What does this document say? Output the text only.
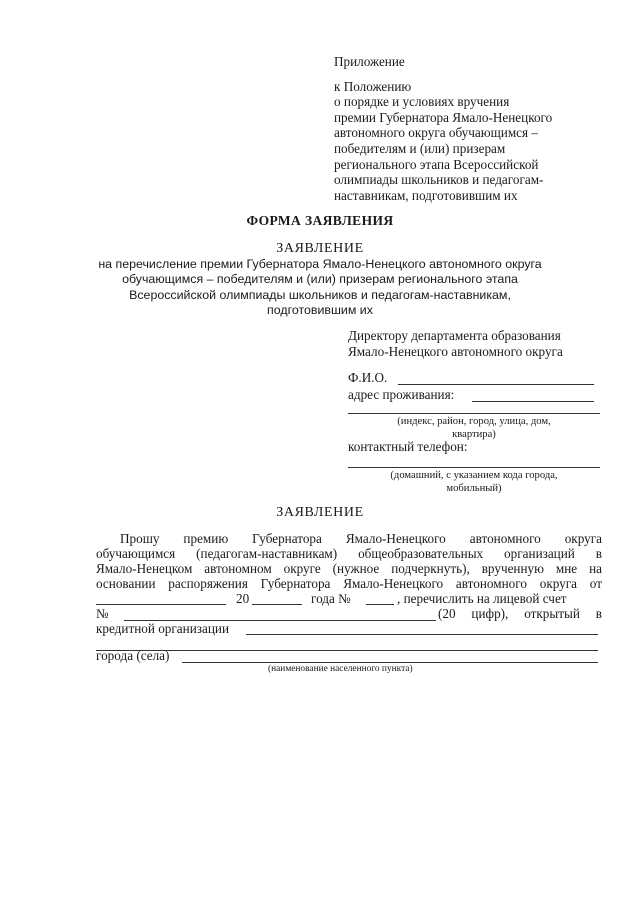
Приложение
к Положению
о порядке и условиях вручения
премии Губернатора Ямало-Ненецкого
автономного округа обучающимся –
победителям и (или) призерам
регионального этапа Всероссийской
олимпиады школьников и педагогам-
наставникам, подготовившим их
ФОРМА ЗАЯВЛЕНИЯ
ЗАЯВЛЕНИЕ
на перечисление премии Губернатора Ямало-Ненецкого автономного округа
обучающимся – победителям и (или) призерам регионального этапа
Всероссийской олимпиады школьников и педагогам-наставникам,
подготовившим их
Директору департамента образования
Ямало-Ненецкого автономного округа
Ф.И.О.
адрес проживания:
(индекс, район, город, улица, дом,
квартира)
контактный телефон:
(домашний, с указанием кода города,
мобильный)
ЗАЯВЛЕНИЕ
Прошу премию Губернатора Ямало-Ненецкого автономного округа
обучающимся (педагогам-наставникам) общеобразовательных организаций в
Ямало-Ненецком автономном округе (нужное подчеркнуть), врученную мне на
основании распоряжения Губернатора Ямало-Ненецкого автономного округа от
20	года №	, перечислить на лицевой счет
№	(20 цифр), открытый в
кредитной организации
города (села)
(наименование населенного пункта)
